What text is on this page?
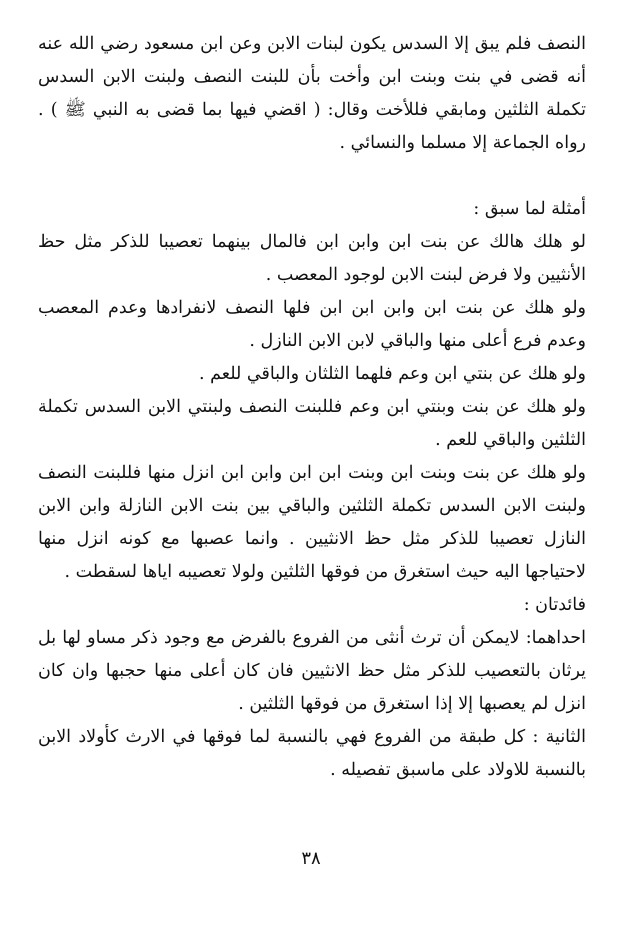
النصف فلم يبق إلا السدس يكون لبنات الابن وعن ابن مسعود رضي الله عنه أنه قضى في بنت وبنت ابن وأخت بأن للبنت النصف ولبنت الابن السدس تكملة الثلثين ومابقي فللأخت وقال: ( اقضي فيها بما قضى به النبي ﷺ ) . رواه الجماعة إلا مسلما والنسائي .

أمثلة لما سبق :

لو هلك هالك عن بنت ابن وابن ابن فالمال بينهما تعصيبا للذكر مثل حظ الأنثيين ولا فرض لبنت الابن لوجود المعصب .

ولو هلك عن بنت ابن وابن ابن ابن فلها النصف لانفرادها وعدم المعصب وعدم فرع أعلى منها والباقي لابن الابن النازل .

ولو هلك عن بنتي ابن وعم فلهما الثلثان والباقي للعم .

ولو هلك عن بنت وبنتي ابن وعم فللبنت النصف ولبنتي الابن السدس تكملة الثلثين والباقي للعم .

ولو هلك عن بنت وبنت ابن وبنت ابن ابن وابن ابن انزل منها فللبنت النصف ولبنت الابن السدس تكملة الثلثين والباقي بين بنت الابن النازلة وابن الابن النازل تعصيبا للذكر مثل حظ الانثيين . وانما عصبها مع كونه انزل منها لاحتياجها اليه حيث استغرق من فوقها الثلثين ولولا تعصيبه اياها لسقطت .

فائدتان :

احداهما: لايمكن أن ترث أنثى من الفروع بالفرض مع وجود ذكر مساو لها بل يرثان بالتعصيب للذكر مثل حظ الانثيين فان كان أعلى منها حجبها وان كان انزل لم يعصبها إلا إذا استغرق من فوقها الثلثين .

الثانية : كل طبقة من الفروع فهي بالنسبة لما فوقها في الارث كأولاد الابن بالنسبة للاولاد على ماسبق تفصيله .

٣٨
